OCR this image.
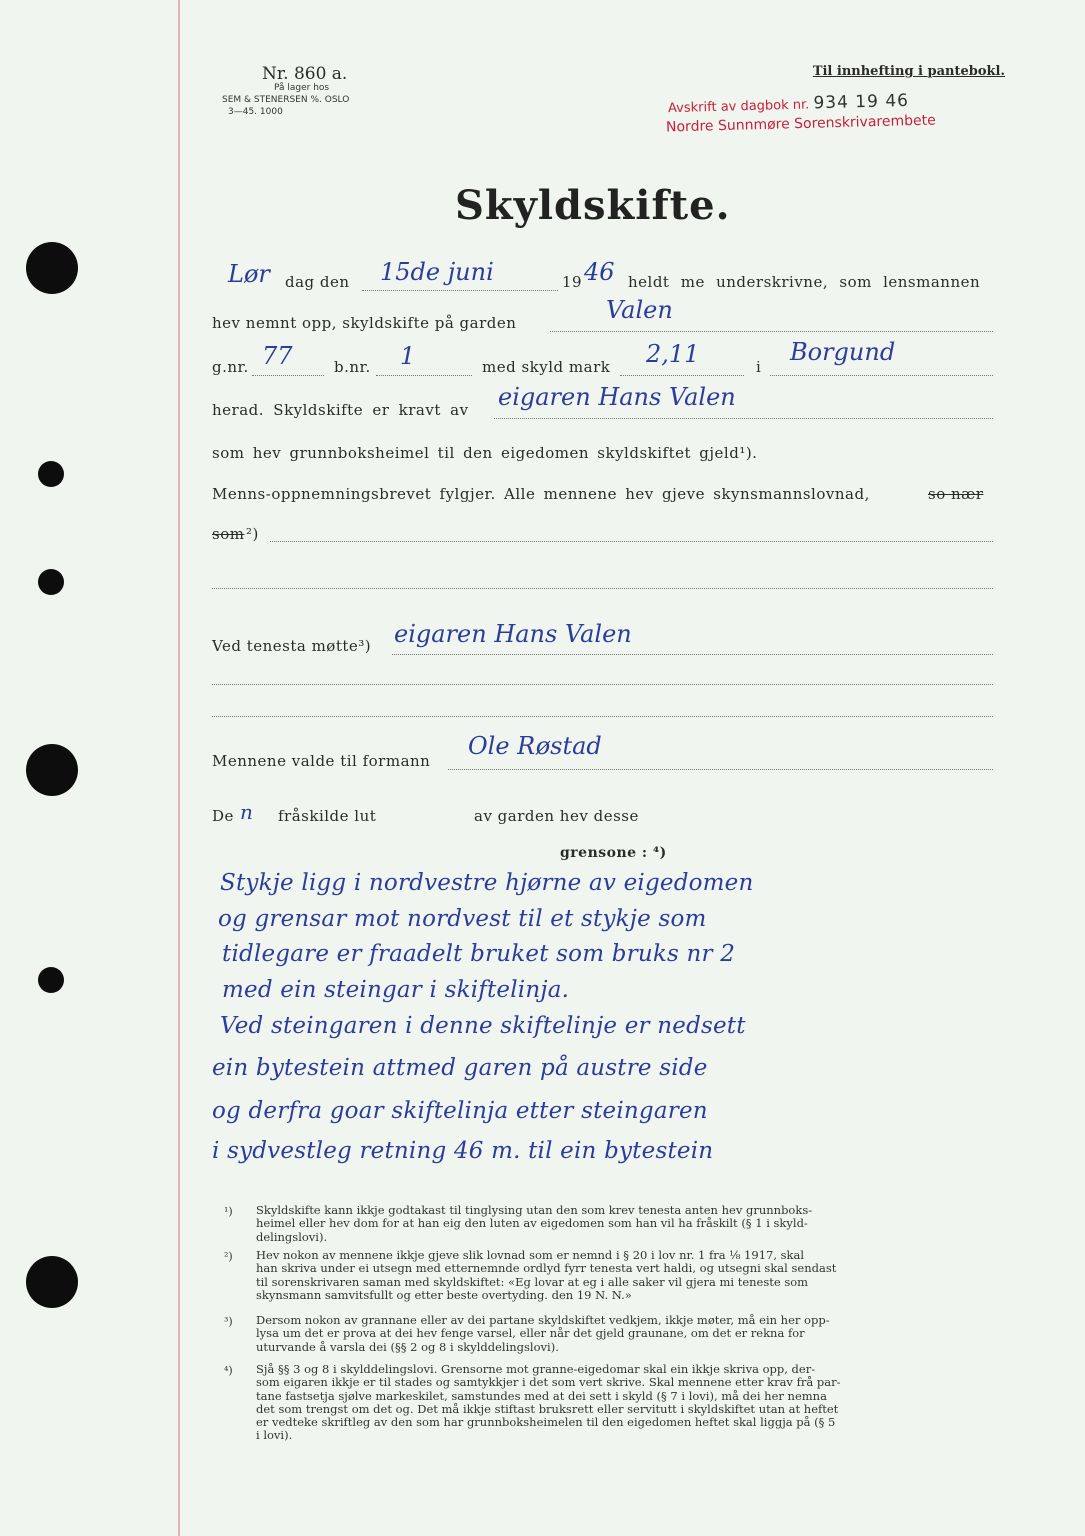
Nr. 860 a.
På lager hos
SEM & STENERSEN %. OSLO
3—45. 1000
Til innhefting i pantebokl.
Avskrift av dagbok nr. 934 19 46
Nordre Sunnmøre Sorenskrivarembete
Skyldskifte.
Lør dag den 15de juni	19 46 heldt me underskrivne, som lensmannen
hev nemnt opp, skyldskifte på garden	Valen
g.nr. 77	b.nr. 1	med skyld mark 2,11	i
Borgund
herad. Skyldskifte er kravt av eigaren Hans Valen
som hev grunnboksheimel til den eigedomen skyldskiftet gjeld¹).
Menns-oppnemningsbrevet fylgjer. Alle mennene hev gjeve skynsmannslovnad,	so nær
som ²)
Ved tenesta møtte³) eigaren Hans Valen
Mennene valde til formann
Ole Røstad
De n fråskilde lut	av garden hev desse
grensone : ⁴)
Stykje ligg i nordvestre hjørne av eigedomen
og grensar mot nordvest til et stykje som
tidlegare er fraadelt bruket som bruks nr 2
med ein steingar i skiftelinja.
Ved steingaren i denne skiftelinje er nedsett
ein bytestein attmed garen på austre side
og derfra goar skiftelinja etter steingaren
i sydvestleg retning 46 m. til ein bytestein
¹) Skyldskifte kann ikkje godtakast til tinglysing utan den som krev tenesta anten hev grunnboks-
heimel eller hev dom for at han eig den luten av eigedomen som han vil ha fråskilt (§ 1 i skyld-
delingslovi).
²) Hev nokon av mennene ikkje gjeve slik lovnad som er nemnd i § 20 i lov nr. 1 fra ⅛ 1917, skal
han skriva under ei utsegn med etternemnde ordlyd fyrr tenesta vert haldi, og utsegni skal sendast
til sorenskrivaren saman med skyldskiftet: «Eg lovar at eg i alle saker vil gjera mi teneste som
skynsmann samvitsfullt og etter beste overtyding. den 19 N. N.»
³) Dersom nokon av grannane eller av dei partane skyldskiftet vedkjem, ikkje møter, må ein her opp-
lysa um det er prova at dei hev fenge varsel, eller når det gjeld graunane, om det er rekna for
uturvande å varsla dei (§§ 2 og 8 i skylddelingslovi).
⁴) Sjå §§ 3 og 8 i skylddelingslovi. Grensorne mot granne-eigedomar skal ein ikkje skriva opp, der-
som eigaren ikkje er til stades og samtykkjer i det som vert skrive. Skal mennene etter krav frå par-
tane fastsetja sjølve markeskilet, samstundes med at dei sett i skyld (§ 7 i lovi), må dei her nemna
det som trengst om det og. Det må ikkje stiftast bruksrett eller servitutt i skyldskiftet utan at heftet
er vedteke skriftleg av den som har grunnboksheimelen til den eigedomen heftet skal liggja på (§ 5
i lovi).
